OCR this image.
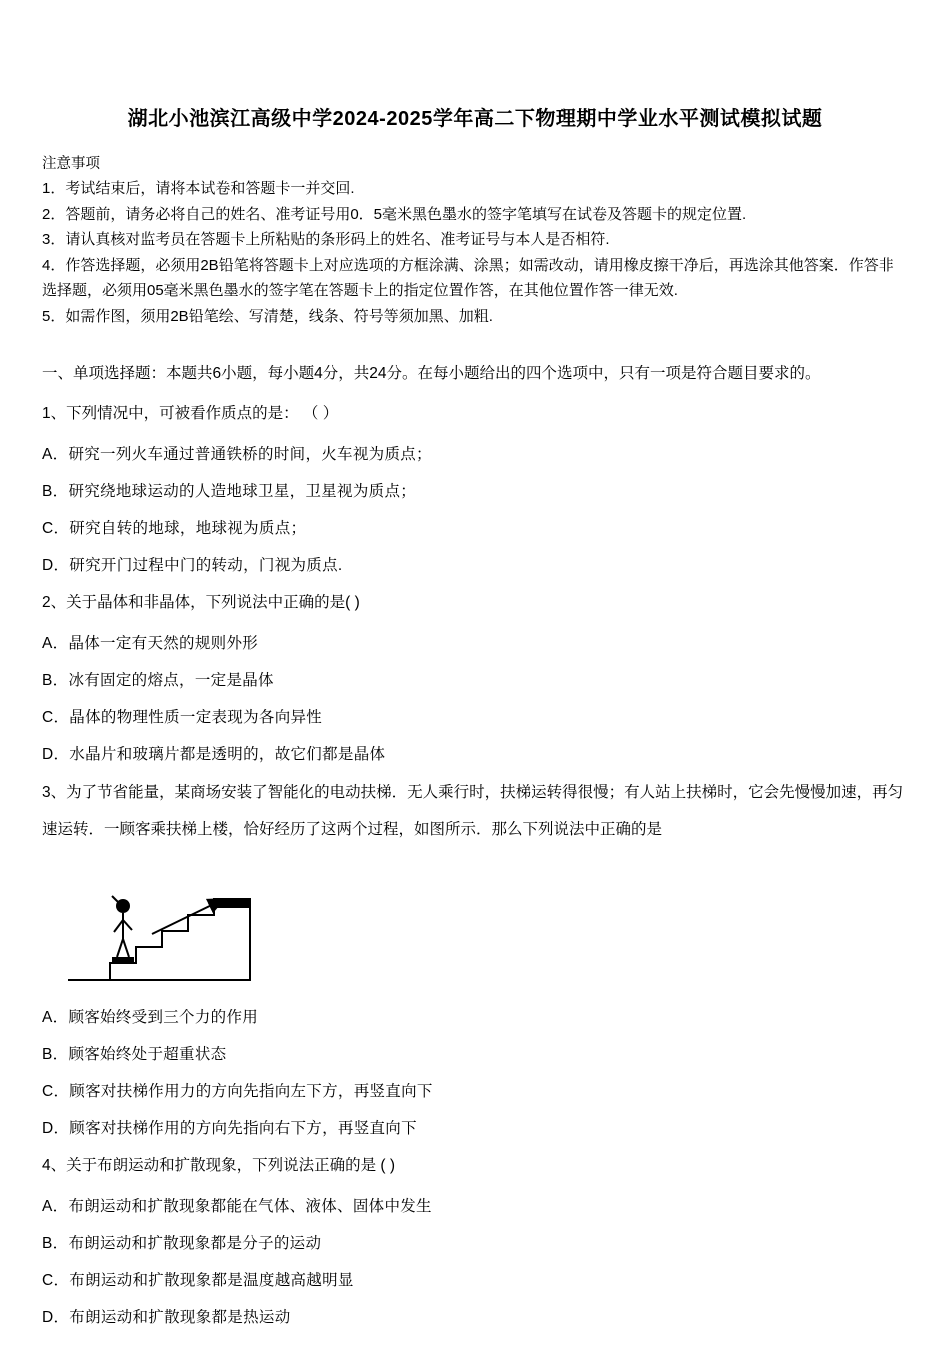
湖北小池滨江高级中学2024-2025学年高二下物理期中学业水平测试模拟试题
注意事项

1．考试结束后，请将本试卷和答题卡一并交回.

2．答题前，请务必将自己的姓名、准考证号用0．5毫米黑色墨水的签字笔填写在试卷及答题卡的规定位置.

3．请认真核对监考员在答题卡上所粘贴的条形码上的姓名、准考证号与本人是否相符.

4．作答选择题，必须用2B铅笔将答题卡上对应选项的方框涂满、涂黑；如需改动，请用橡皮擦干净后，再选涂其他答案．作答非选择题，必须用05毫米黑色墨水的签字笔在答题卡上的指定位置作答，在其他位置作答一律无效.

5．如需作图，须用2B铅笔绘、写清楚，线条、符号等须加黑、加粗.

一、单项选择题：本题共6小题，每小题4分，共24分。在每小题给出的四个选项中，只有一项是符合题目要求的。

1、下列情况中，可被看作质点的是： （ ）

A．研究一列火车通过普通铁桥的时间，火车视为质点；

B．研究绕地球运动的人造地球卫星，卫星视为质点；

C．研究自转的地球，地球视为质点；

D．研究开门过程中门的转动，门视为质点.

2、关于晶体和非晶体，下列说法中正确的是( )

A．晶体一定有天然的规则外形

B．冰有固定的熔点，一定是晶体

C．晶体的物理性质一定表现为各向异性

D．水晶片和玻璃片都是透明的，故它们都是晶体

3、为了节省能量，某商场安装了智能化的电动扶梯．无人乘行时，扶梯运转得很慢；有人站上扶梯时，它会先慢慢加速，再匀速运转．一顾客乘扶梯上楼，恰好经历了这两个过程，如图所示．那么下列说法中正确的是

A．顾客始终受到三个力的作用

B．顾客始终处于超重状态

C．顾客对扶梯作用力的方向先指向左下方，再竖直向下

D．顾客对扶梯作用的方向先指向右下方，再竖直向下

4、关于布朗运动和扩散现象，下列说法正确的是 ( )

A．布朗运动和扩散现象都能在气体、液体、固体中发生

B．布朗运动和扩散现象都是分子的运动

C．布朗运动和扩散现象都是温度越高越明显

D．布朗运动和扩散现象都是热运动
